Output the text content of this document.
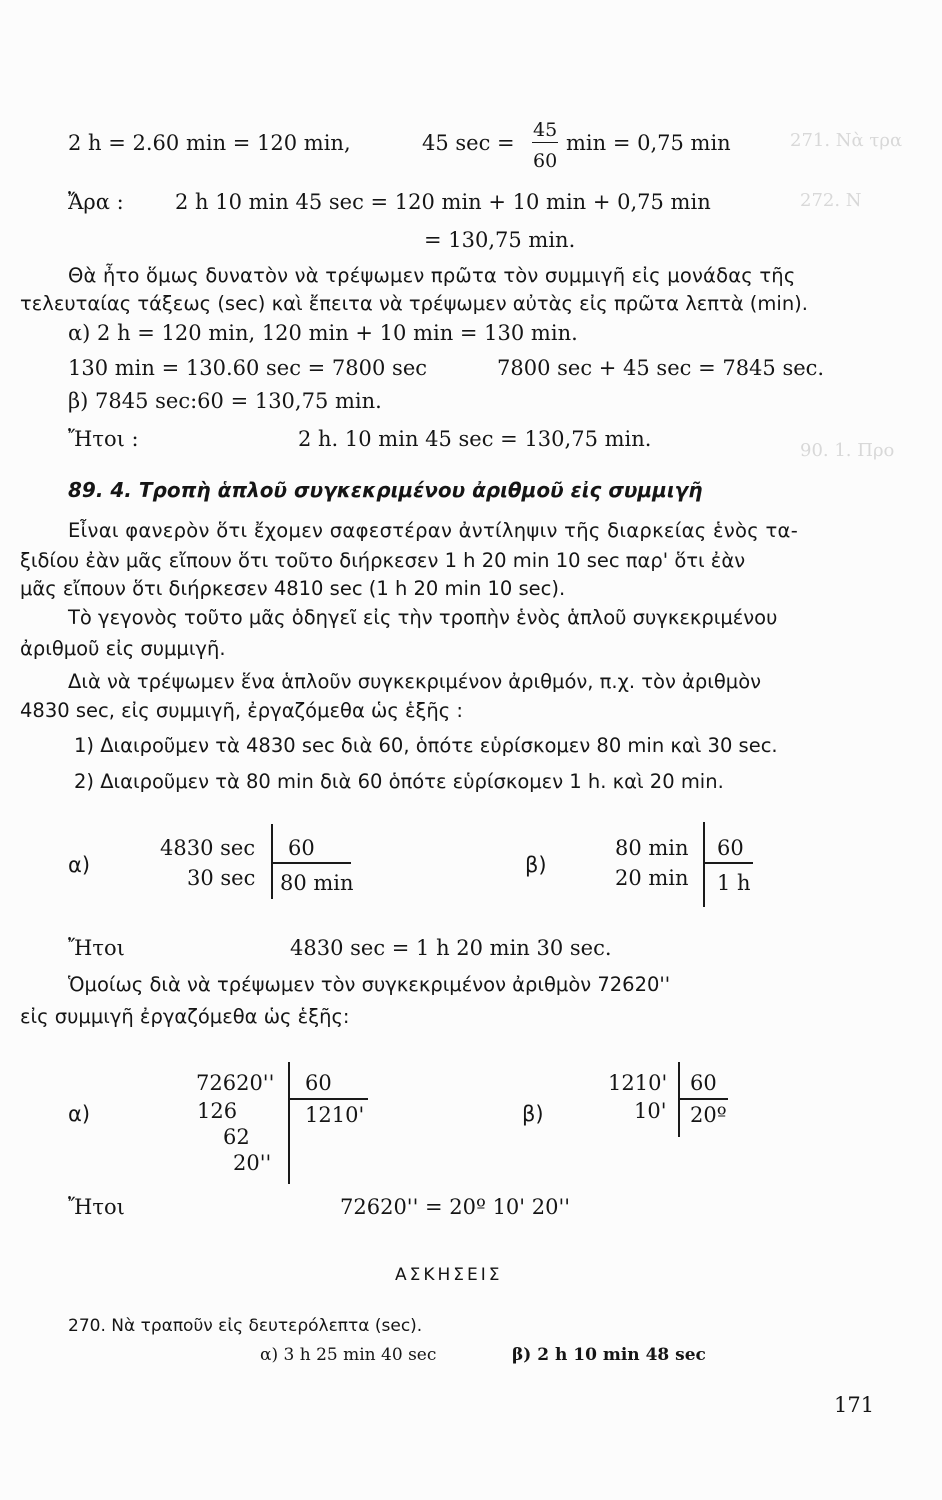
271. Νὰ τρα
272. Ν
90. 1. Προ
2 h = 2.60 min = 120 min,	45 sec =
45
60
min = 0,75 min
Ἄρα : 2 h 10 min 45 sec = 120 min + 10 min + 0,75 min
= 130,75 min.
Θὰ ἦτο ὅμως δυνατὸν νὰ τρέψωμεν πρῶτα τὸν συμμιγῆ εἰς μονάδας τῆς
τελευταίας τάξεως (sec) καὶ ἔπειτα νὰ τρέψωμεν αὐτὰς εἰς πρῶτα λεπτὰ (min).
α) 2 h = 120 min, 120 min + 10 min = 130 min.
130 min = 130.60 sec = 7800 sec	7800 sec + 45 sec = 7845 sec.
β) 7845 sec:60 = 130,75 min.
Ἤτοι :	2 h. 10 min 45 sec = 130,75 min.
89. 4. Τροπὴ ἁπλοῦ συγκεκριμένου ἀριθμοῦ εἰς συμμιγῆ
Εἶναι φανερὸν ὅτι ἔχομεν σαφεστέραν ἀντίληψιν τῆς διαρκείας ἑνὸς τα-
ξιδίου ἐὰν μᾶς εἴπουν ὅτι τοῦτο διήρκεσεν 1 h 20 min 10 sec παρ' ὅτι ἐὰν
μᾶς εἴπουν ὅτι διήρκεσεν 4810 sec (1 h 20 min 10 sec).
Τὸ γεγονὸς τοῦτο μᾶς ὁδηγεῖ εἰς τὴν τροπὴν ἑνὸς ἁπλοῦ συγκεκριμένου
ἀριθμοῦ εἰς συμμιγῆ.
Διὰ νὰ τρέψωμεν ἕνα ἁπλοῦν συγκεκριμένον ἀριθμόν, π.χ. τὸν ἀριθμὸν
4830 sec, εἰς συμμιγῆ, ἐργαζόμεθα ὡς ἑξῆς :
1) Διαιροῦμεν τὰ 4830 sec διὰ 60, ὁπότε εὑρίσκομεν 80 min καὶ 30 sec.
2) Διαιροῦμεν τὰ 80 min διὰ 60 ὁπότε εὑρίσκομεν 1 h. καὶ 20 min.
α)
4830 sec
30 sec
60
80 min
β)
80 min
20 min
60
1 h
Ἤτοι	4830 sec = 1 h 20 min 30 sec.
Ὁμοίως διὰ νὰ τρέψωμεν τὸν συγκεκριμένον ἀριθμὸν 72620''
εἰς συμμιγῆ ἐργαζόμεθα ὡς ἑξῆς:
α)
72620''
126
62
20''
60
1210'	β)
1210'
10'
60
20º
Ἤτοι	72620'' = 20º 10' 20''
ΑΣΚΗΣΕΙΣ
270. Νὰ τραποῦν εἰς δευτερόλεπτα (sec).
α) 3 h 25 min 40 sec	β) 2 h 10 min 48 sec
171
